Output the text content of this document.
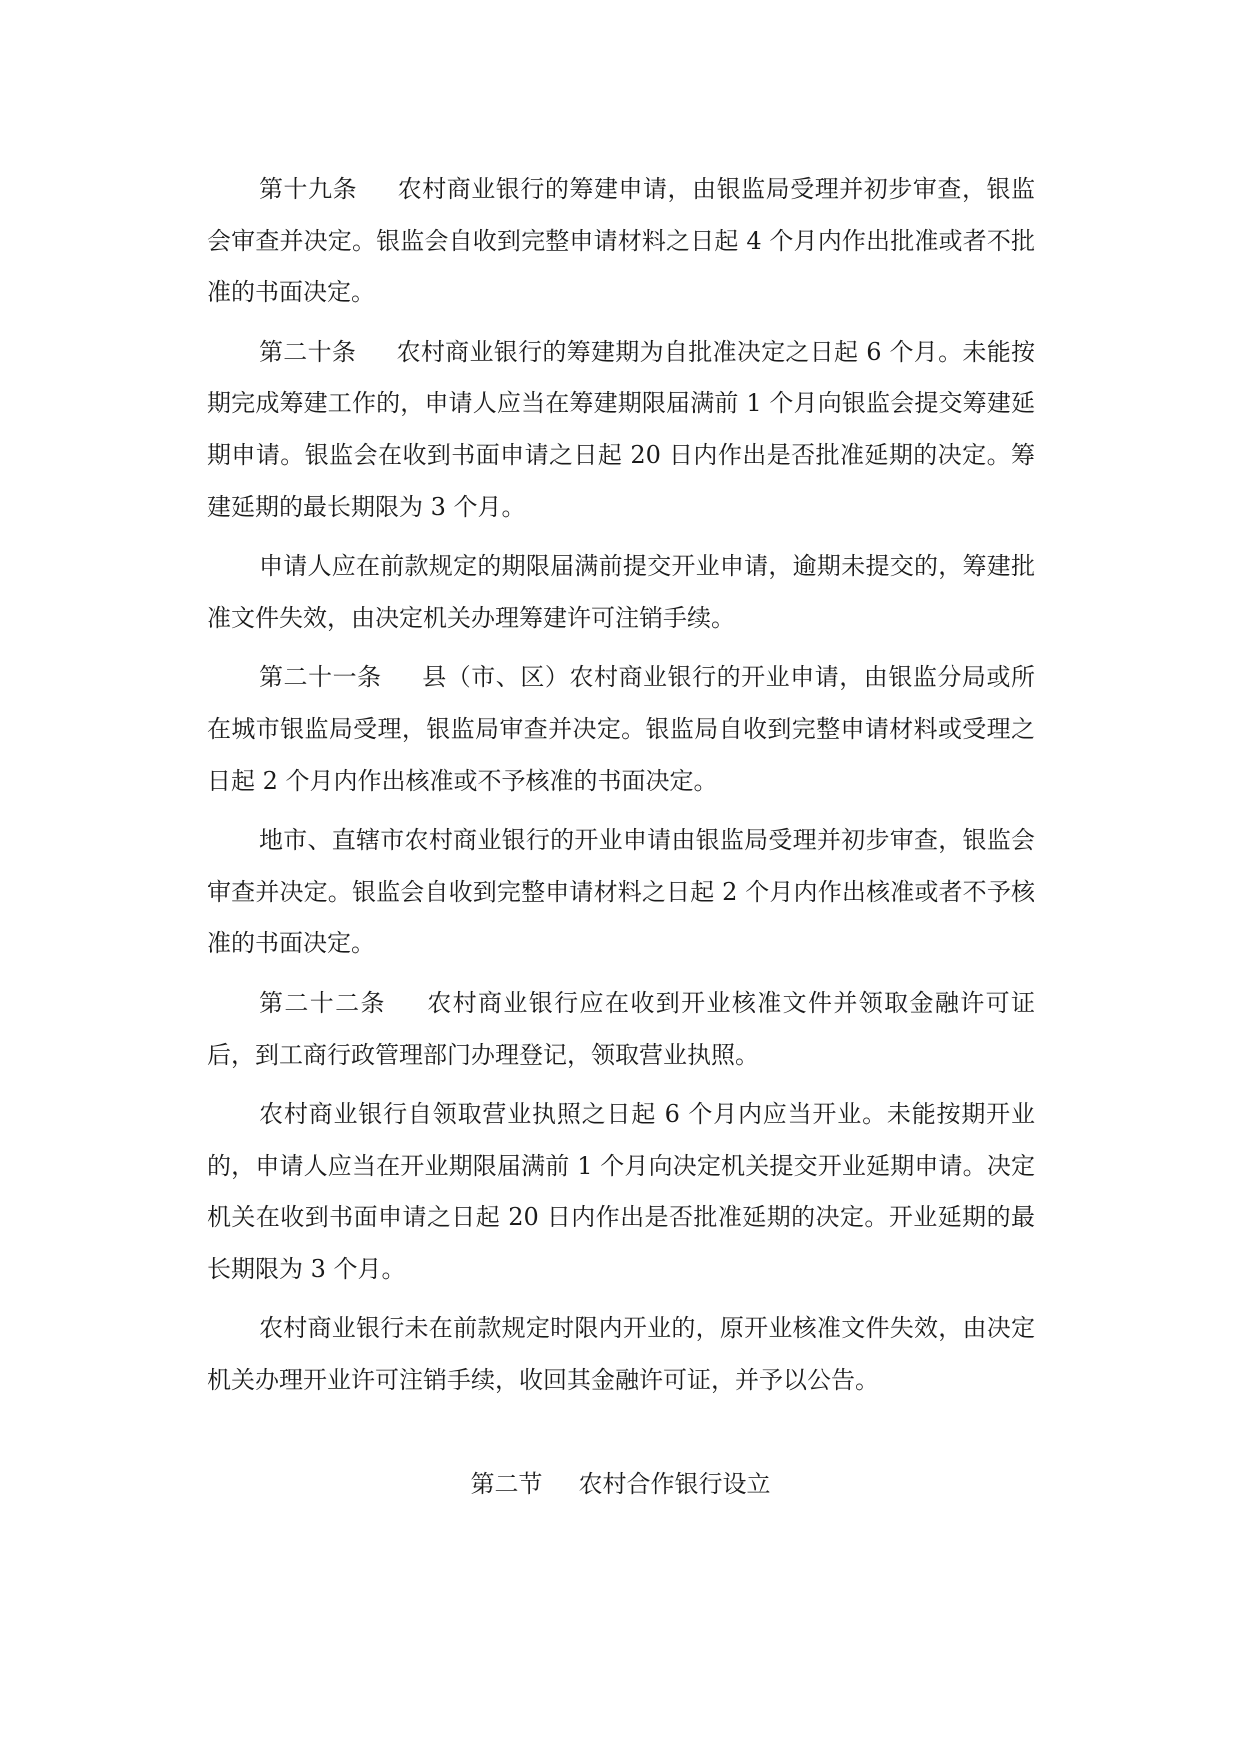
第十九条 农村商业银行的筹建申请，由银监局受理并初步审查，银监会审查并决定。银监会自收到完整申请材料之日起 4 个月内作出批准或者不批准的书面决定。

第二十条 农村商业银行的筹建期为自批准决定之日起 6 个月。未能按期完成筹建工作的，申请人应当在筹建期限届满前 1 个月向银监会提交筹建延期申请。银监会在收到书面申请之日起 20 日内作出是否批准延期的决定。筹建延期的最长期限为 3 个月。

申请人应在前款规定的期限届满前提交开业申请，逾期未提交的，筹建批准文件失效，由决定机关办理筹建许可注销手续。

第二十一条 县（市、区）农村商业银行的开业申请，由银监分局或所在城市银监局受理，银监局审查并决定。银监局自收到完整申请材料或受理之日起 2 个月内作出核准或不予核准的书面决定。

地市、直辖市农村商业银行的开业申请由银监局受理并初步审查，银监会审查并决定。银监会自收到完整申请材料之日起 2 个月内作出核准或者不予核准的书面决定。

第二十二条 农村商业银行应在收到开业核准文件并领取金融许可证后，到工商行政管理部门办理登记，领取营业执照。

农村商业银行自领取营业执照之日起 6 个月内应当开业。未能按期开业的，申请人应当在开业期限届满前 1 个月向决定机关提交开业延期申请。决定机关在收到书面申请之日起 20 日内作出是否批准延期的决定。开业延期的最长期限为 3 个月。

农村商业银行未在前款规定时限内开业的，原开业核准文件失效，由决定机关办理开业许可注销手续，收回其金融许可证，并予以公告。

第二节 农村合作银行设立
